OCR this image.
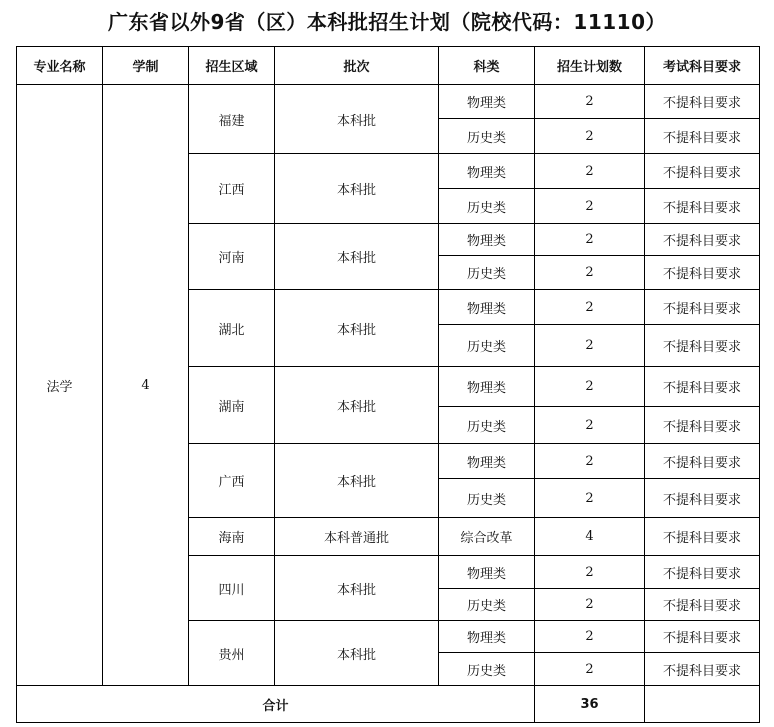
广东省以外9省（区）本科批招生计划（院校代码：11110）
专业名称	学制	招生区域	批次	科类	招生计划数	考试科目要求
法学	4	福建	本科批	物理类	2	不提科目要求
				历史类	2	不提科目要求
		江西	本科批	物理类	2	不提科目要求
				历史类	2	不提科目要求
		河南	本科批	物理类	2	不提科目要求
				历史类	2	不提科目要求
		湖北	本科批	物理类	2	不提科目要求
				历史类	2	不提科目要求
		湖南	本科批	物理类	2	不提科目要求
				历史类	2	不提科目要求
		广西	本科批	物理类	2	不提科目要求
				历史类	2	不提科目要求
		海南	本科普通批	综合改革	4	不提科目要求
		四川	本科批	物理类	2	不提科目要求
				历史类	2	不提科目要求
		贵州	本科批	物理类	2	不提科目要求
				历史类	2	不提科目要求
合计					36	
